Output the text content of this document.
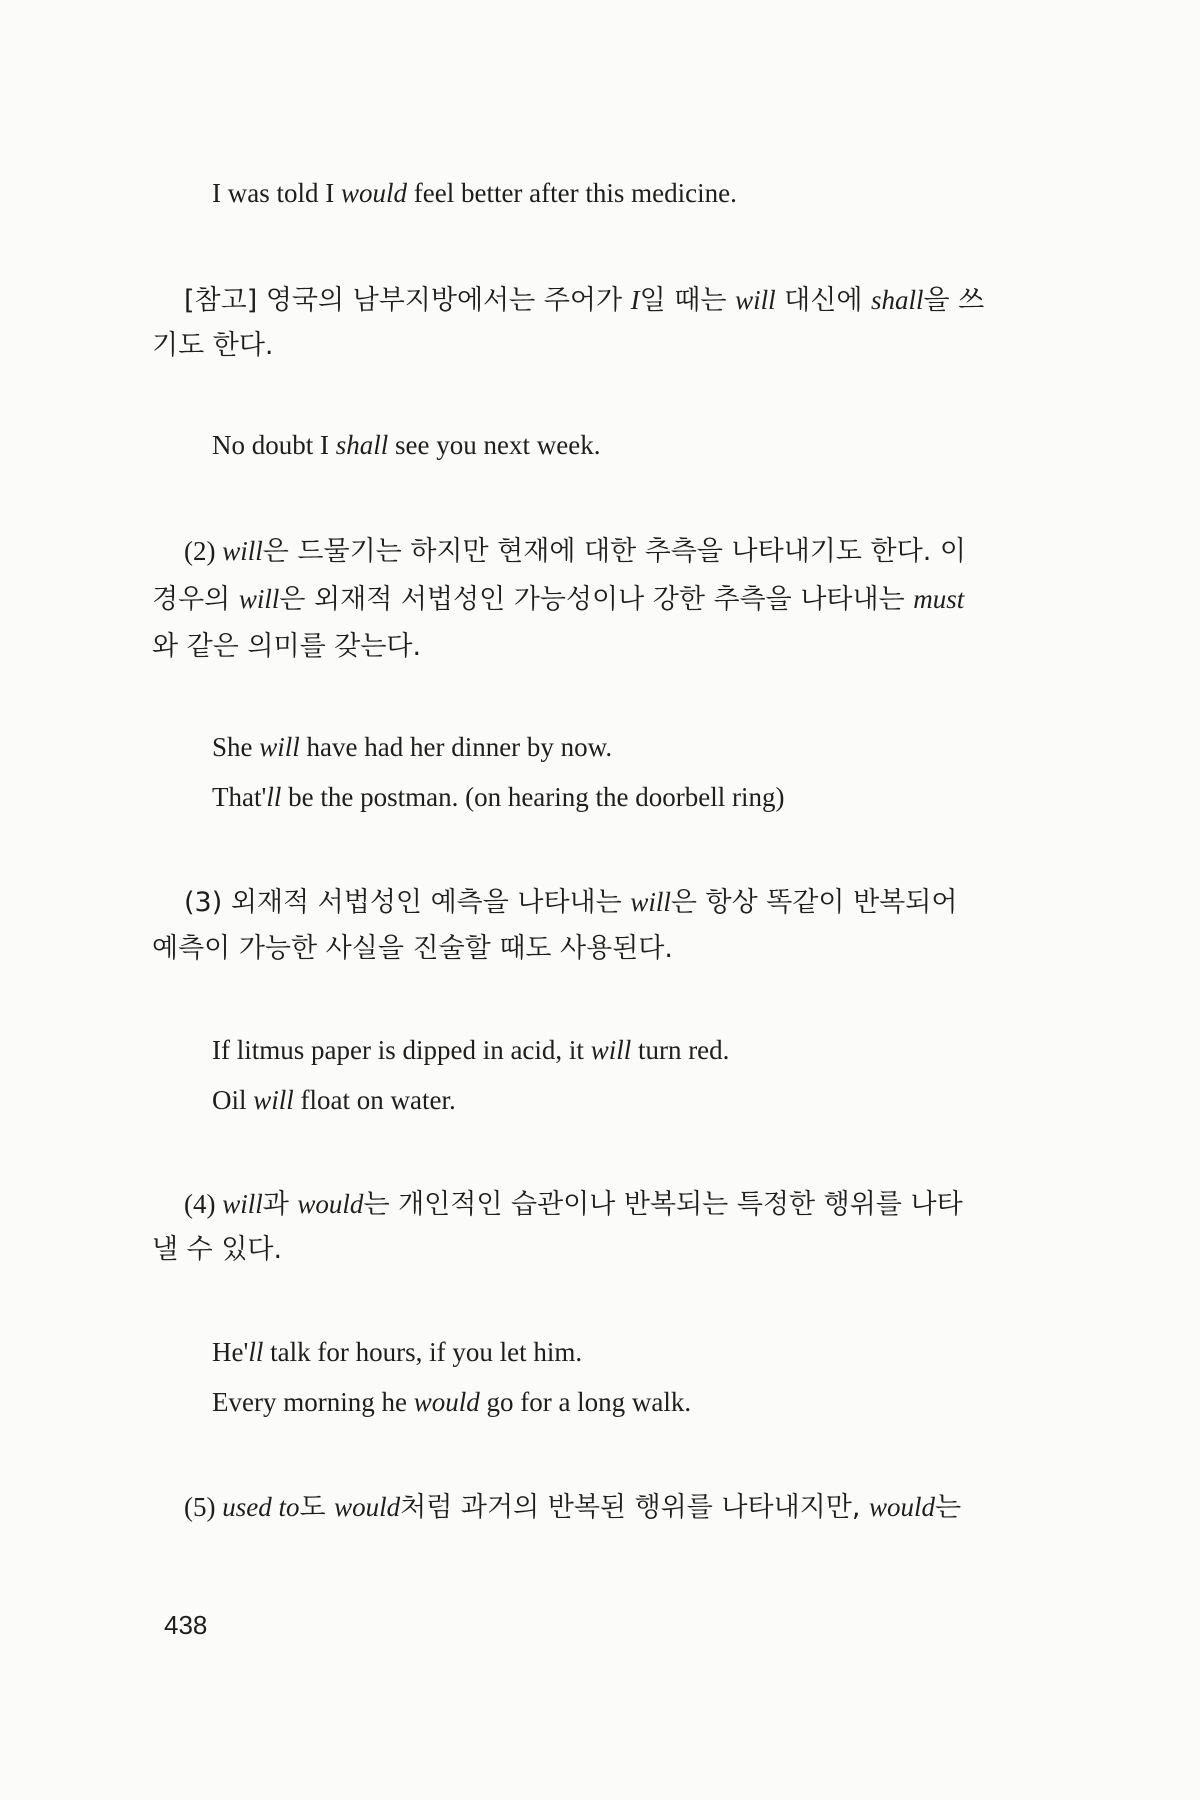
I was told I would feel better after this medicine.
[참고] 영국의 남부지방에서는 주어가 I일 때는 will 대신에 shall을 쓰
기도 한다.
No doubt I shall see you next week.
(2) will은 드물기는 하지만 현재에 대한 추측을 나타내기도 한다. 이
경우의 will은 외재적 서법성인 가능성이나 강한 추측을 나타내는 must
와 같은 의미를 갖는다.
She will have had her dinner by now.
That'll be the postman. (on hearing the doorbell ring)
(3) 외재적 서법성인 예측을 나타내는 will은 항상 똑같이 반복되어
예측이 가능한 사실을 진술할 때도 사용된다.
If litmus paper is dipped in acid, it will turn red.
Oil will float on water.
(4) will과 would는 개인적인 습관이나 반복되는 특정한 행위를 나타
낼 수 있다.
He'll talk for hours, if you let him.
Every morning he would go for a long walk.
(5) used to도 would처럼 과거의 반복된 행위를 나타내지만, would는
438
